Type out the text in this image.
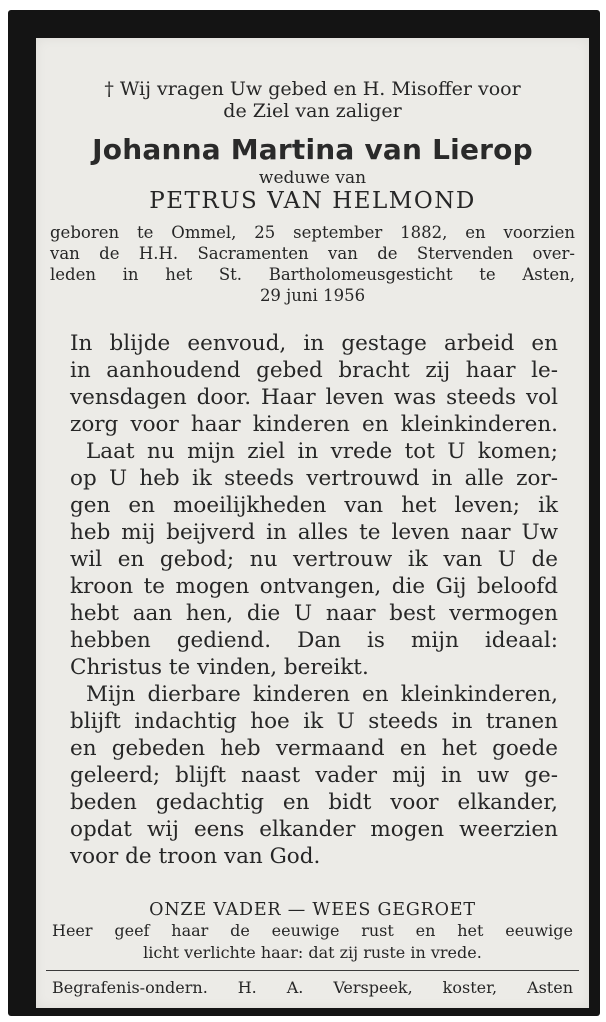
† Wij vragen Uw gebed en H. Misoffer voor
de Ziel van zaliger
Johanna Martina van Lierop
weduwe van
PETRUS VAN HELMOND
geboren te Ommel, 25 september 1882, en voorzien
van de H.H. Sacramenten van de Stervenden over-
leden in het St. Bartholomeusgesticht te Asten,
29 juni 1956
In blijde eenvoud, in gestage arbeid en
in aanhoudend gebed bracht zij haar le-
vensdagen door. Haar leven was steeds vol
zorg voor haar kinderen en kleinkinderen.
Laat nu mijn ziel in vrede tot U komen;
op U heb ik steeds vertrouwd in alle zor-
gen en moeilijkheden van het leven; ik
heb mij beijverd in alles te leven naar Uw
wil en gebod; nu vertrouw ik van U de
kroon te mogen ontvangen, die Gij beloofd
hebt aan hen, die U naar best vermogen
hebben gediend. Dan is mijn ideaal:
Christus te vinden, bereikt.
Mijn dierbare kinderen en kleinkinderen,
blijft indachtig hoe ik U steeds in tranen
en gebeden heb vermaand en het goede
geleerd; blijft naast vader mij in uw ge-
beden gedachtig en bidt voor elkander,
opdat wij eens elkander mogen weerzien
voor de troon van God.
ONZE VADER — WEES GEGROET
Heer geef haar de eeuwige rust en het eeuwige
licht verlichte haar: dat zij ruste in vrede.
Begrafenis-ondern. H. A. Verspeek, koster, Asten
